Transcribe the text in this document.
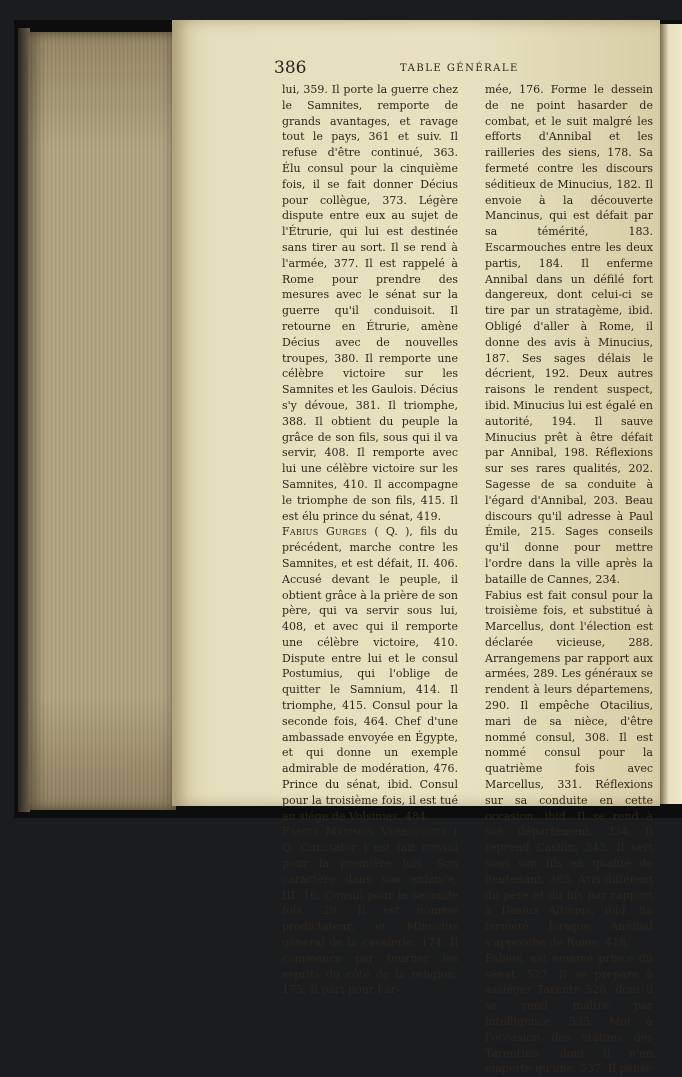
386	TABLE GÉNÉRALE

lui, 359. Il porte la guerre chez le Samnites, remporte de grands avantages, et ravage tout le pays, 361 et suiv. Il refuse d'être continué, 363. Élu consul pour la cinquième fois, il se fait donner Décius pour collègue, 373. Légère dispute entre eux au sujet de l'Étrurie, qui lui est destinée sans tirer au sort. Il se rend à l'armée, 377. Il est rappelé à Rome pour prendre des mesures avec le sénat sur la guerre qu'il conduisoit. Il retourne en Étrurie, amène Décius avec de nouvelles troupes, 380. Il remporte une célèbre victoire sur les Samnites et les Gaulois. Décius s'y dévoue, 381. Il triomphe, 388. Il obtient du peuple la grâce de son fils, sous qui il va servir, 408. Il remporte avec lui une célèbre victoire sur les Samnites, 410. Il accompagne le triomphe de son fils, 415. Il est élu prince du sénat, 419.

Fabius Gurges ( Q. ), fils du précédent, marche contre les Samnites, et est défait, II. 406. Accusé devant le peuple, il obtient grâce à la prière de son père, qui va servir sous lui, 408, et avec qui il remporte une célèbre victoire, 410. Dispute entre lui et le consul Postumius, qui l'oblige de quitter le Samnium, 414. Il triomphe, 415. Consul pour la seconde fois, 464. Chef d'une ambassade envoyée en Égypte, et qui donne un exemple admirable de modération, 476. Prince du sénat, ibid. Consul pour la troisième fois, il est tué au siége de Volsinies, 484.

Fabius Maximus Verrucosus ( Q. Cunctator ) est fait consul pour la première fois. Son caractère dans son enfance, III. 16. Consul pour la seconde fois, 29. Il est nommé prodictateur, et Minucius général de la cavalerie, 174. Il commence par tourner les esprits du côté de la religion, 175. Il part pour l'ar-

mée, 176. Forme le dessein de ne point hasarder de combat, et le suit malgré les efforts d'Annibal et les railleries des siens, 178. Sa fermeté contre les discours séditieux de Minucius, 182. Il envoie à la découverte Mancinus, qui est défait par sa témérité, 183. Escarmouches entre les deux partis, 184. Il enferme Annibal dans un défilé fort dangereux, dont celui-ci se tire par un stratagème, ibid. Obligé d'aller à Rome, il donne des avis à Minucius, 187. Ses sages délais le décrient, 192. Deux autres raisons le rendent suspect, ibid. Minucius lui est égalé en autorité, 194. Il sauve Minucius prêt à être défait par Annibal, 198. Réflexions sur ses rares qualités, 202. Sagesse de sa conduite à l'égard d'Annibal, 203. Beau discours qu'il adresse à Paul Émile, 215. Sages conseils qu'il donne pour mettre l'ordre dans la ville après la bataille de Cannes, 234.

Fabius est fait consul pour la troisième fois, et substitué à Marcellus, dont l'élection est déclarée vicieuse, 288. Arrangemens par rapport aux armées, 289. Les généraux se rendent à leurs départemens, 290. Il empêche Otacilius, mari de sa nièce, d'être nommé consul, 308. Il est nommé consul pour la quatrième fois avec Marcellus, 331. Réflexions sur sa conduite en cette occasion, ibid. Il se rend à son département, 334. Il reprend Casilin, 343. Il sert sous son fils en qualité de lieutenant, 385. Avis différent du père et du fils par rapport à Dasius Altinius, ibid. Sa fermeté lorsque Annibal s'approche de Rome, 418.

Fabius, est nommé prince du sénat, 527. Il se prépare à assiéger Tarente 528, dont il se rend maître par intelligence, 535. Mot à l'occasion des statues des Tarentins, dont il n'en emporte qu'une, 537. Il pense
